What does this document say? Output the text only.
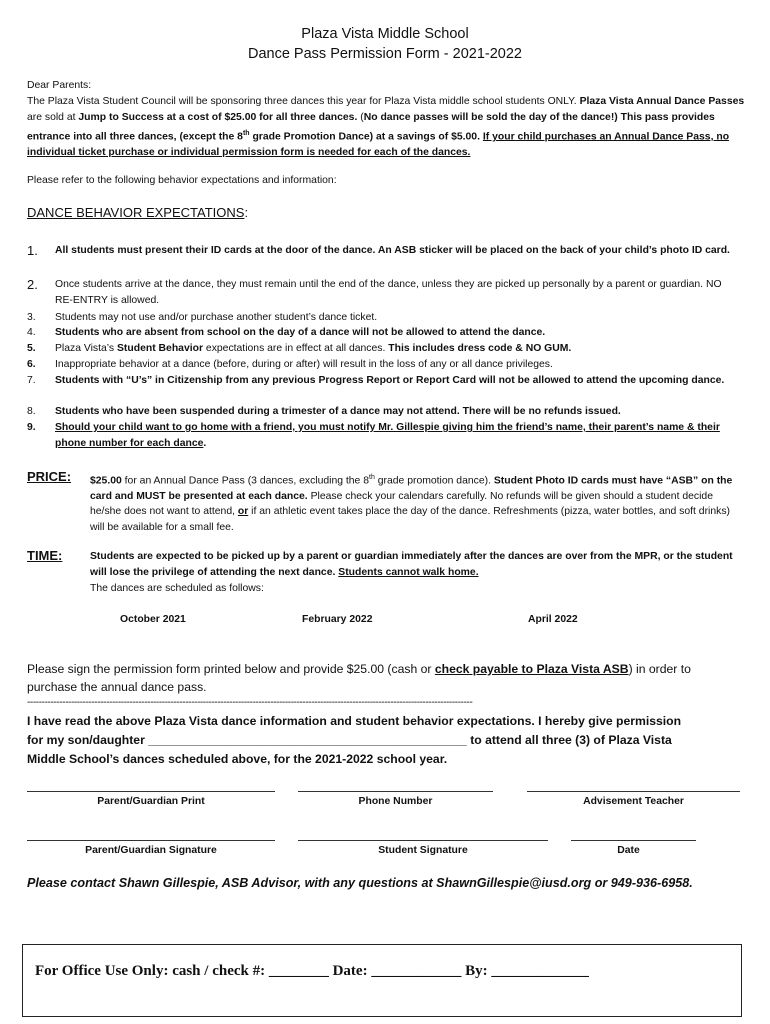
Plaza Vista Middle School
Dance Pass Permission Form - 2021-2022
Dear Parents:
The Plaza Vista Student Council will be sponsoring three dances this year for Plaza Vista middle school students ONLY. Plaza Vista Annual Dance Passes are sold at Jump to Success at a cost of $25.00 for all three dances. (No dance passes will be sold the day of the dance!) This pass provides entrance into all three dances, (except the 8th grade Promotion Dance) at a savings of $5.00. If your child purchases an Annual Dance Pass, no individual ticket purchase or individual permission form is needed for each of the dances.
Please refer to the following behavior expectations and information:
DANCE BEHAVIOR EXPECTATIONS:
1.	All students must present their ID cards at the door of the dance. An ASB sticker will be placed on the back of your child’s photo ID card.
2.	Once students arrive at the dance, they must remain until the end of the dance, unless they are picked up personally by a parent or guardian. NO RE-ENTRY is allowed.
3.	Students may not use and/or purchase another student’s dance ticket.
4.	Students who are absent from school on the day of a dance will not be allowed to attend the dance.
5.	Plaza Vista’s Student Behavior expectations are in effect at all dances. This includes dress code & NO GUM.
6.	Inappropriate behavior at a dance (before, during or after) will result in the loss of any or all dance privileges.
7.	Students with “U’s” in Citizenship from any previous Progress Report or Report Card will not be allowed to attend the upcoming dance.
8.	Students who have been suspended during a trimester of a dance may not attend. There will be no refunds issued.
9.	Should your child want to go home with a friend, you must notify Mr. Gillespie giving him the friend’s name, their parent’s name & their phone number for each dance.
PRICE: $25.00 for an Annual Dance Pass (3 dances, excluding the 8th grade promotion dance). Student Photo ID cards must have “ASB” on the card and MUST be presented at each dance. Please check your calendars carefully. No refunds will be given should a student decide he/she does not want to attend, or if an athletic event takes place the day of the dance. Refreshments (pizza, water bottles, and soft drinks) will be available for a small fee.
TIME:	Students are expected to be picked up by a parent or guardian immediately after the dances are over from the MPR, or the student will lose the privilege of attending the next dance. Students cannot walk home.
The dances are scheduled as follows:
October 2021	February 2022	April 2022
Please sign the permission form printed below and provide $25.00 (cash or check payable to Plaza Vista ASB) in order to purchase the annual dance pass.
--------------------------------------------------------------------------------------------------------------------------------------------------------
I have read the above Plaza Vista dance information and student behavior expectations. I hereby give permission
for my son/daughter _______________________________________________ to attend all three (3) of Plaza Vista
Middle School’s dances scheduled above, for the 2021-2022 school year.
Parent/Guardian Print	Phone Number	Advisement Teacher
Parent/Guardian Signature	Student Signature	Date
Please contact Shawn Gillespie, ASB Advisor, with any questions at ShawnGillespie@iusd.org or 949-936-6958.
For Office Use Only: cash / check #: ________ Date: ____________ By: _____________
